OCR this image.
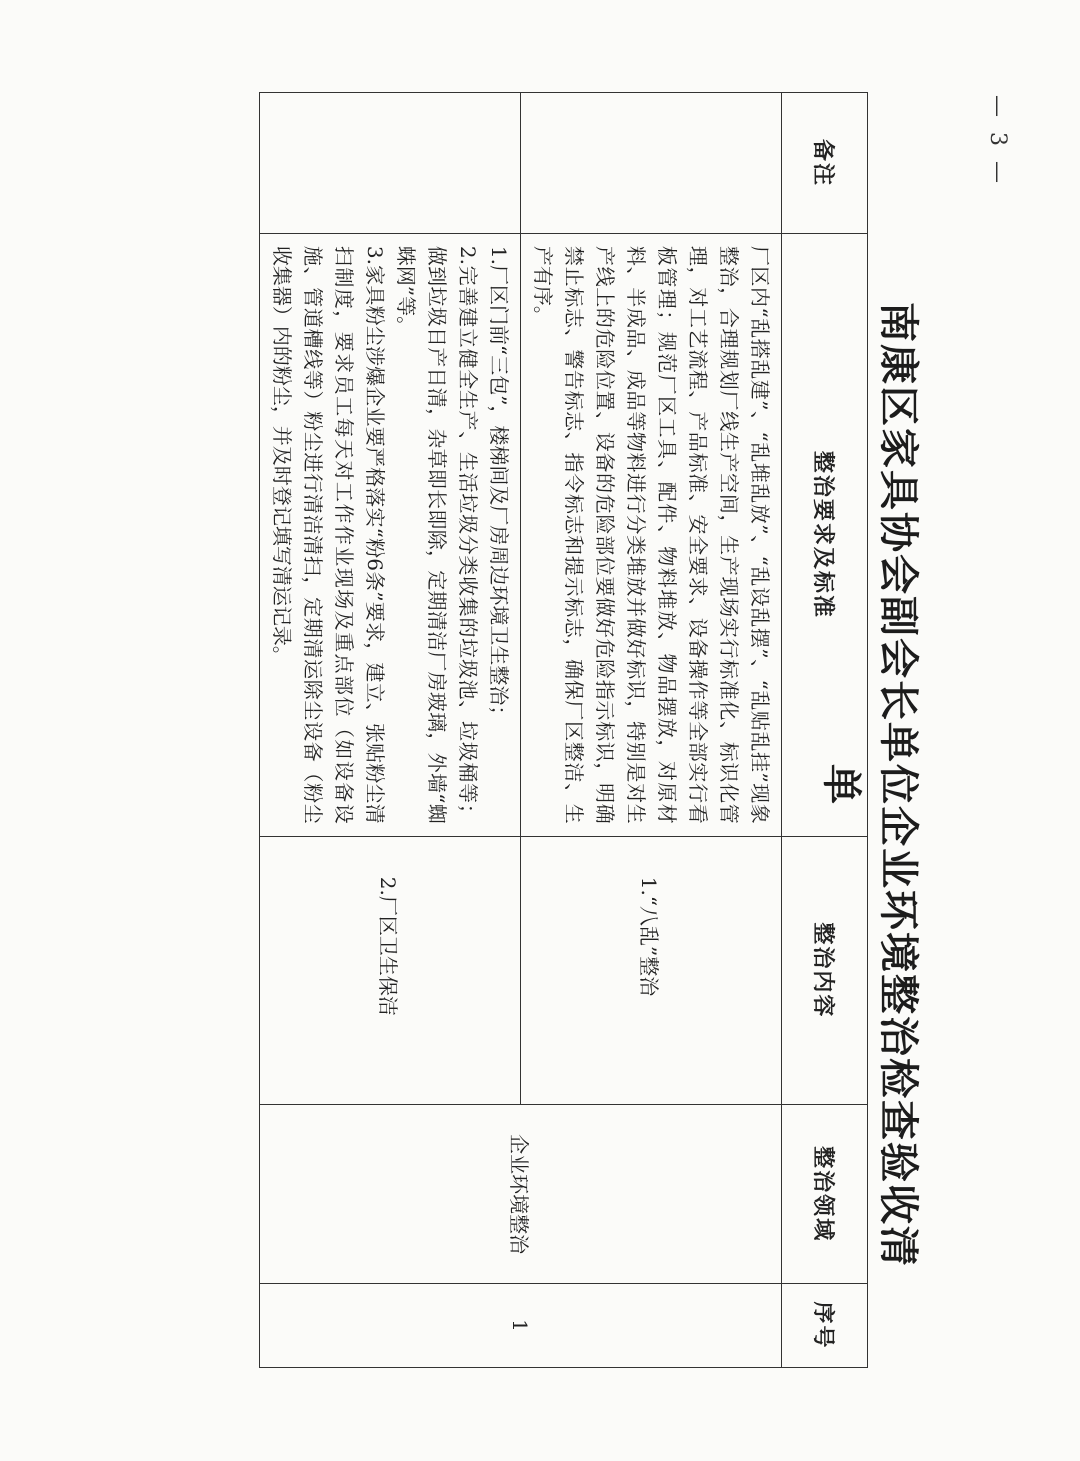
— 3 —
南康区家具协会副会长单位企业环境整治检查验收清单
备注	整治要求及标准	整治内容	整治领域	序号

	厂区内“乱搭乱建”、“乱堆乱放”、“乱设乱摆”、“乱贴乱挂”现象整治，合理规划厂线生产空间，生产现场实行标准化、标识化管理，对工艺流程、产品标准、安全要求、设备操作等全部实行看板管理；规范厂区工具、配件、物料堆放、物品摆放，对原材料、半成品、成品等物料进行分类堆放并做好标识，特别是对生产线上的危险位置、设备的危险部位要做好危险指示标识，明确禁止标志、警告标志、指令标志和提示标志，确保厂区整洁、生产有序。	1.“八乱”整治	企业环境整治	1

	1.厂区门前“三包”，楼梯间及厂房周边环境卫生整治；

2.完善建立健全生产、生活垃圾分类收集的垃圾池、垃圾桶等；做到垃圾日产日清，杂草即长即除，定期清洁厂房玻璃，外墙“蜘蛛网”等。

3.家具粉尘涉爆企业要严格落实“粉6条”要求，建立、张贴粉尘清扫制度，要求员工每天对工作作业现场及重点部位（如设备设施、管道槽线等）粉尘进行清洁清扫，定期清运除尘设备（粉尘收集器）内的粉尘，并及时登记填写清运记录。	2.厂区卫生保洁		
